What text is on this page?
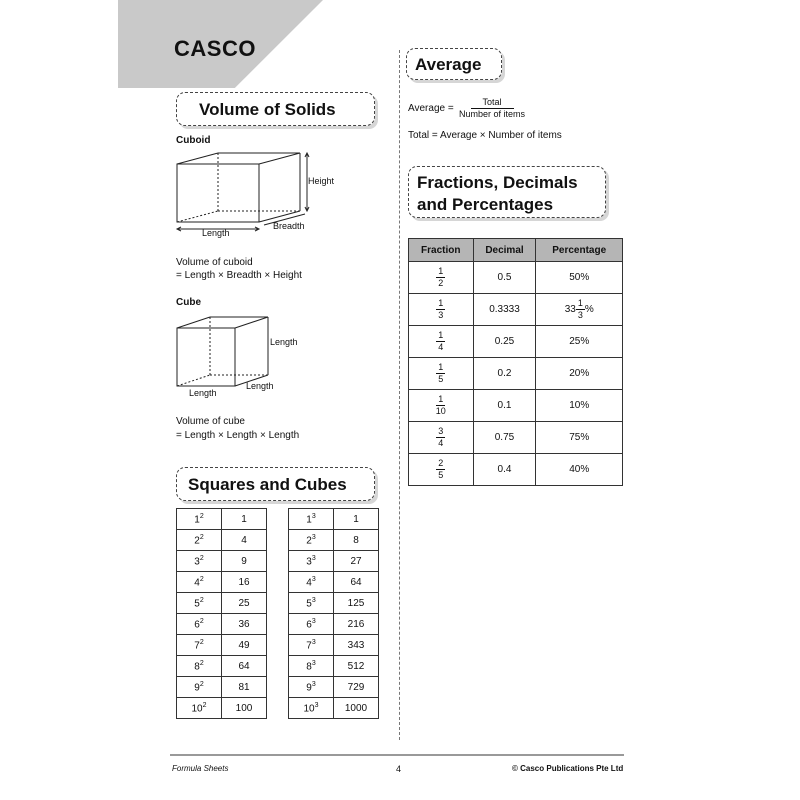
CASCO
Volume of Solids
Cuboid
Height
Length
Breadth
Volume of cuboid
= Length × Breadth × Height
Cube
Length
Length
Length
Volume of cube
= Length × Length × Length
Squares and Cubes
$1^2$	1
$2^2$	4
$3^2$	9
$4^2$	16
$5^2$	25
$6^2$	36
$7^2$	49
$8^2$	64
$9^2$	81
$10^2$	100
$1^3$	1
$2^3$	8
$3^3$	27
$4^3$	64
$5^3$	125
$6^3$	216
$7^3$	343
$8^3$	512
$9^3$	729
$10^3$	1000
Average
Average =
Total
Number of items
Total = Average × Number of items
Fractions, Decimals
and Percentages
Fraction	Decimal	Percentage

$\frac{1}{2}$	0.5	50%

$\frac{1}{3}$	0.3333	$33 \frac{1}{3}$ %

$\frac{1}{4}$	0.25	25%

$\frac{1}{5}$	0.2	20%

$\frac{1}{10}$	0.1	10%

$\frac{3}{4}$	0.75	75%

$\frac{2}{5}$	0.4	40%
Formula Sheets	4	© Casco Publications Pte Ltd
